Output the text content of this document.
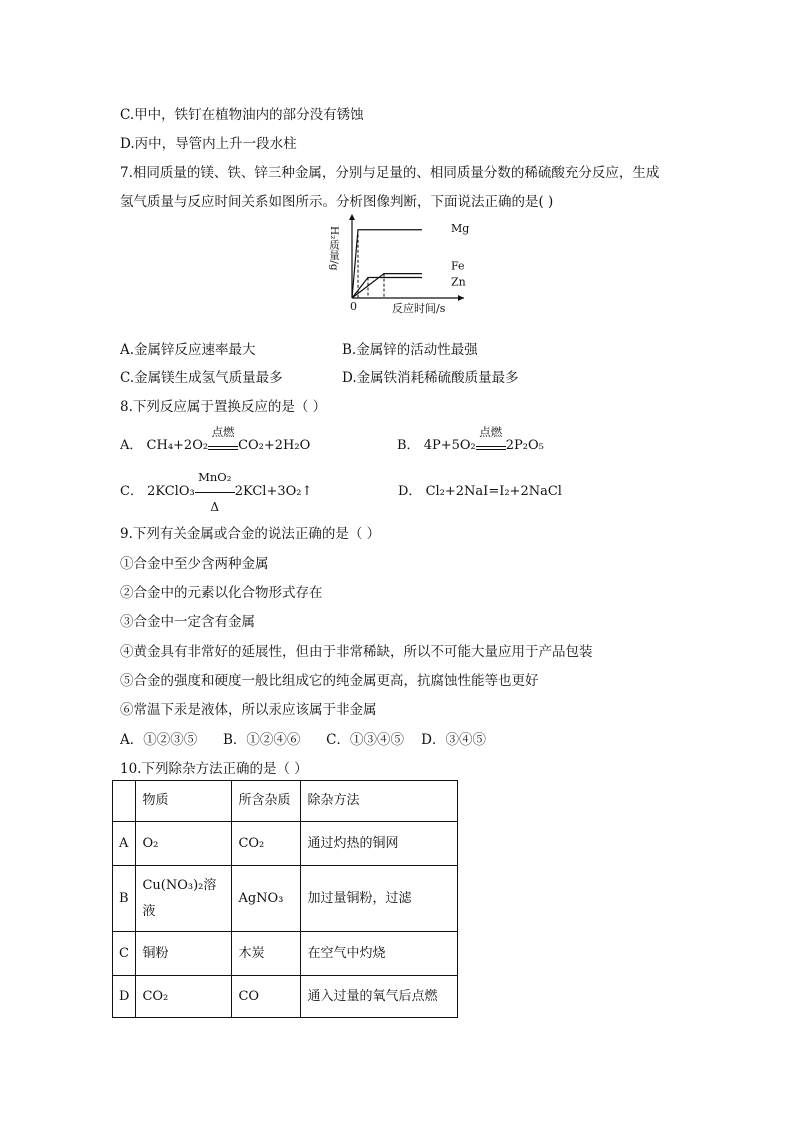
C.甲中，铁钉在植物油内的部分没有锈蚀
D.丙中，导管内上升一段水柱
7.相同质量的镁、铁、锌三种金属，分别与足量的、相同质量分数的稀硫酸充分反应，生成
氢气质量与反应时间关系如图所示。分析图像判断，下面说法正确的是( )
Mg
Fe
Zn
H₂质量/g
反应时间/s
0
A.金属锌反应速率最大	B.金属锌的活动性最强
C.金属镁生成氢气质量最多	D.金属铁消耗稀硫酸质量最多
8.下列反应属于置换反应的是（ ）
A． CH₄+2O₂
点燃
CO₂+2H₂O	B． 4P+5O₂
点燃
2P₂O₅
C． 2KClO₃
MnO₂
Δ
2KCl+3O₂↑	D． Cl₂+2NaI=I₂+2NaCl
9.下列有关金属或合金的说法正确的是（ ）
①合金中至少含两种金属
②合金中的元素以化合物形式存在
③合金中一定含有金属
④黄金具有非常好的延展性，但由于非常稀缺，所以不可能大量应用于产品包装
⑤合金的强度和硬度一般比组成它的纯金属更高，抗腐蚀性能等也更好
⑥常温下汞是液体，所以汞应该属于非金属
A．①②③⑤      B．①②④⑥      C．①③④⑤    D．③④⑤
10.下列除杂方法正确的是（ ）
	物质	所含杂质	除杂方法
A	O₂	CO₂	通过灼热的铜网
B	Cu(NO₃)₂溶液	AgNO₃	加过量铜粉，过滤
C	铜粉	木炭	在空气中灼烧
D	CO₂	CO	通入过量的氧气后点燃
